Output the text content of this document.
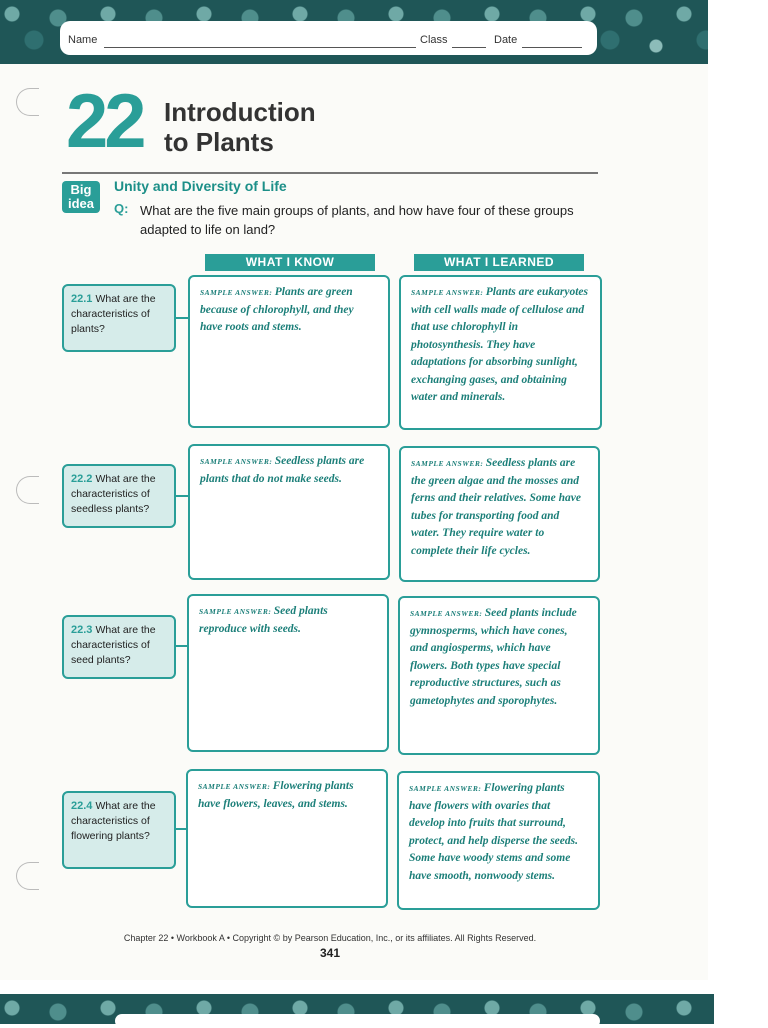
Name	Class	Date
22 Introduction
to Plants
Big
idea
Unity and Diversity of Life
Q: What are the five main groups of plants, and how have four of these groups adapted to life on land?
WHAT I KNOW	WHAT I LEARNED
22.1 What are the characteristics of plants?
SAMPLE ANSWER: Plants are green because of chlorophyll, and they have roots and stems.
SAMPLE ANSWER: Plants are eukaryotes with cell walls made of cellulose and that use chlorophyll in photosynthesis. They have adaptations for absorbing sunlight, exchanging gases, and obtaining water and minerals.
22.2 What are the characteristics of seedless plants?
SAMPLE ANSWER: Seedless plants are plants that do not make seeds.
SAMPLE ANSWER: Seedless plants are the green algae and the mosses and ferns and their relatives. Some have tubes for transporting food and water. They require water to complete their life cycles.
22.3 What are the characteristics of seed plants?
SAMPLE ANSWER: Seed plants reproduce with seeds.
SAMPLE ANSWER: Seed plants include gymnosperms, which have cones, and angiosperms, which have flowers. Both types have special reproductive structures, such as gametophytes and sporophytes.
22.4 What are the characteristics of flowering plants?
SAMPLE ANSWER: Flowering plants have flowers, leaves, and stems.
SAMPLE ANSWER: Flowering plants have flowers with ovaries that develop into fruits that surround, protect, and help disperse the seeds. Some have woody stems and some have smooth, nonwoody stems.
Chapter 22 • Workbook A • Copyright © by Pearson Education, Inc., or its affiliates. All Rights Reserved.
341
